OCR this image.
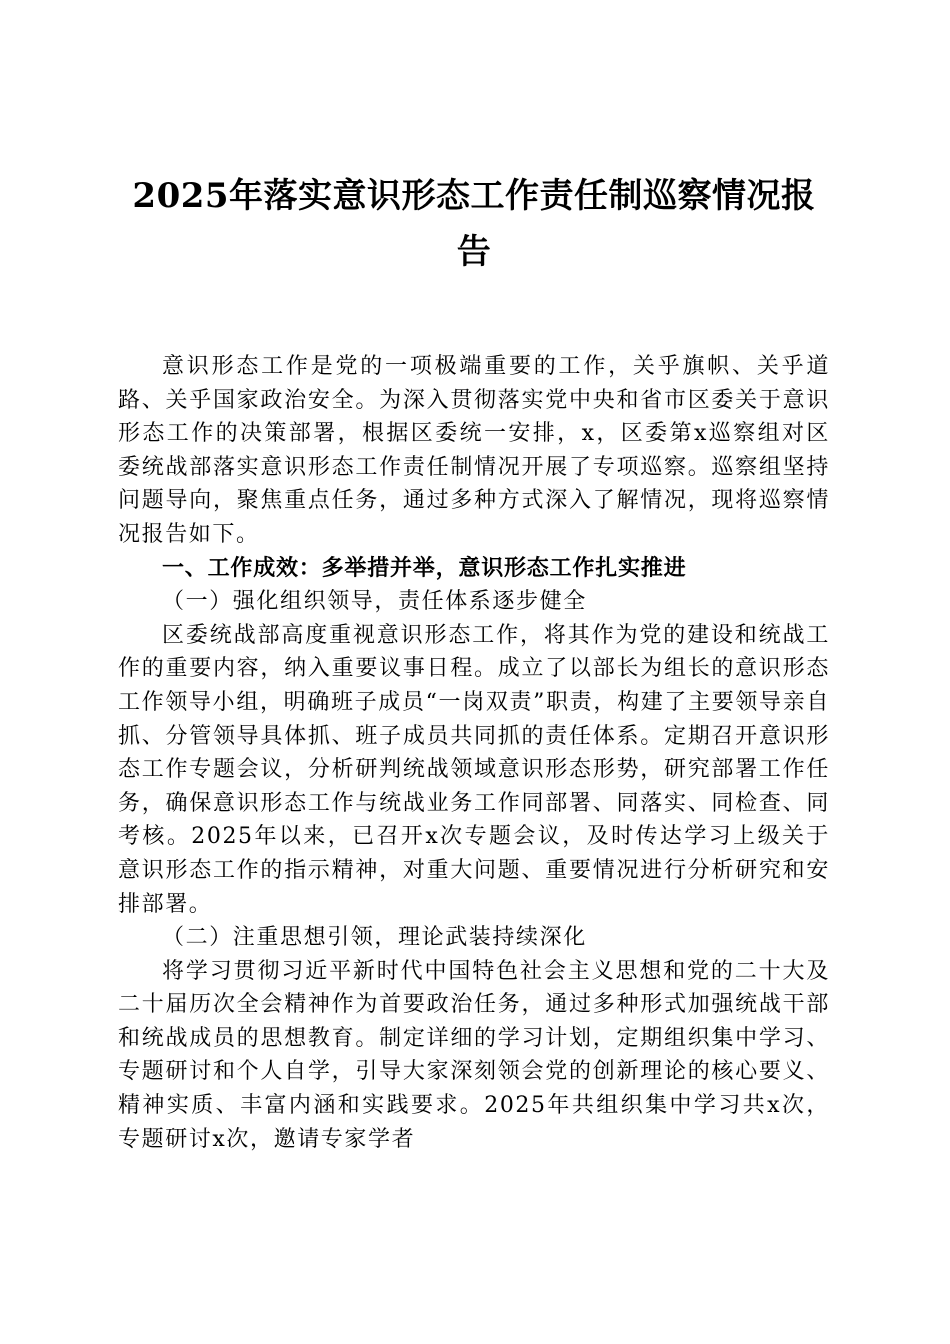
2025年落实意识形态工作责任制巡察情况报告

意识形态工作是党的一项极端重要的工作，关乎旗帜、关乎道路、关乎国家政治安全。为深入贯彻落实党中央和省市区委关于意识形态工作的决策部署，根据区委统一安排，x，区委第x巡察组对区委统战部落实意识形态工作责任制情况开展了专项巡察。巡察组坚持问题导向，聚焦重点任务，通过多种方式深入了解情况，现将巡察情况报告如下。

一、工作成效：多举措并举，意识形态工作扎实推进

（一）强化组织领导，责任体系逐步健全

区委统战部高度重视意识形态工作，将其作为党的建设和统战工作的重要内容，纳入重要议事日程。成立了以部长为组长的意识形态工作领导小组，明确班子成员“一岗双责”职责，构建了主要领导亲自抓、分管领导具体抓、班子成员共同抓的责任体系。定期召开意识形态工作专题会议，分析研判统战领域意识形态形势，研究部署工作任务，确保意识形态工作与统战业务工作同部署、同落实、同检查、同考核。2025年以来，已召开x次专题会议，及时传达学习上级关于意识形态工作的指示精神，对重大问题、重要情况进行分析研究和安排部署。

（二）注重思想引领，理论武装持续深化

将学习贯彻习近平新时代中国特色社会主义思想和党的二十大及二十届历次全会精神作为首要政治任务，通过多种形式加强统战干部和统战成员的思想教育。制定详细的学习计划，定期组织集中学习、专题研讨和个人自学，引导大家深刻领会党的创新理论的核心要义、精神实质、丰富内涵和实践要求。2025年共组织集中学习共x次，专题研讨x次，邀请专家学者
